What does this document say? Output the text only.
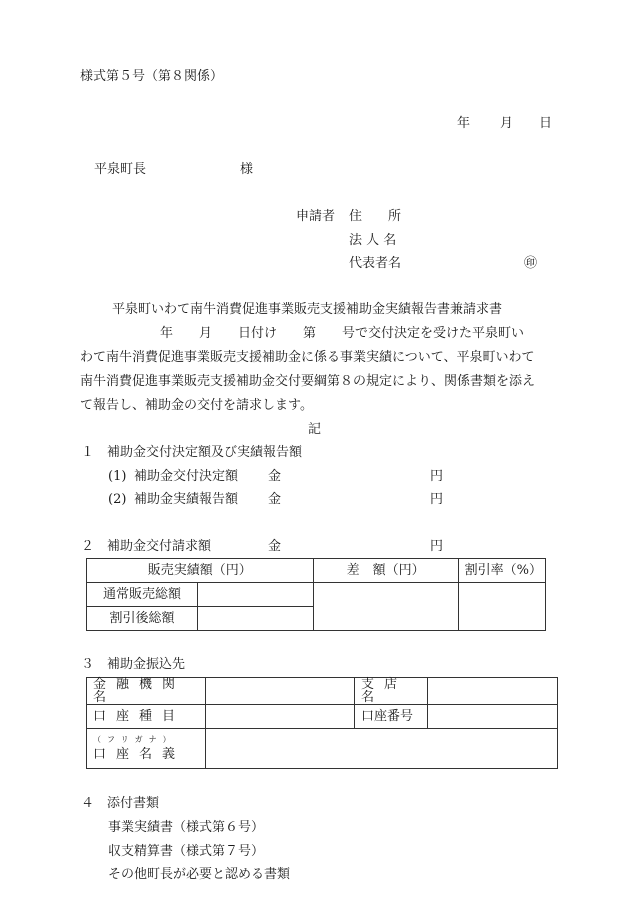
様式第５号（第８関係）
年 月 日
平泉町長	様
申請者 住　　所
法 人 名
代表者名	㊞
平泉町いわて南牛消費促進事業販売支援補助金実績報告書兼請求書
年　　月　　日付け　　第　　号で交付決定を受けた平泉町い
わて南牛消費促進事業販売支援補助金に係る事業実績について、平泉町いわて
南牛消費促進事業販売支援補助金交付要綱第８の規定により、関係書類を添え
て報告し、補助金の交付を請求します。
記
１ 補助金交付決定額及び実績報告額
(1) 補助金交付決定額 金	円
(2) 補助金実績報告額 金	円
２ 補助金交付請求額	金	円
販売実績額（円）		差　額（円）	割引率（%）
通常販売総額			
割引後総額			
３ 補助金振込先
金融機関名		支店名	
口座種目		口座番号	

（フリガナ）
口座名義			
４ 添付書類
事業実績書（様式第６号）
収支精算書（様式第７号）
その他町長が必要と認める書類
